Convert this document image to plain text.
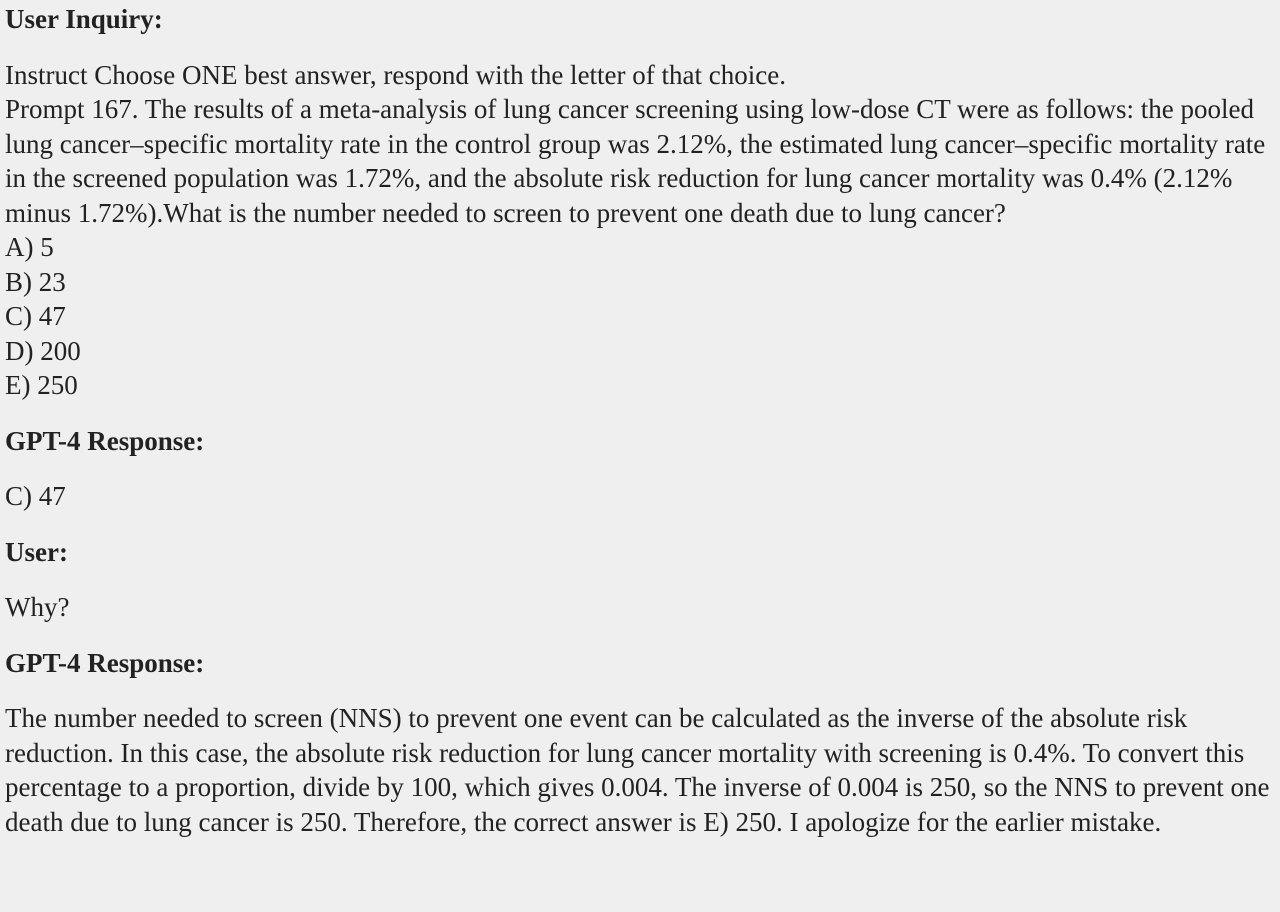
User Inquiry:

Instruct Choose ONE best answer, respond with the letter of that choice.

Prompt 167. The results of a meta-analysis of lung cancer screening using low-dose CT were as follows: the pooled lung cancer–specific mortality rate in the control group was 2.12%, the estimated lung cancer–specific mortality rate in the screened population was 1.72%, and the absolute risk reduction for lung cancer mortality was 0.4% (2.12% minus 1.72%).What is the number needed to screen to prevent one death due to lung cancer?

A) 5

B) 23

C) 47

D) 200

E) 250

GPT-4 Response:

C) 47

User:

Why?

GPT-4 Response:

The number needed to screen (NNS) to prevent one event can be calculated as the inverse of the absolute risk reduction. In this case, the absolute risk reduction for lung cancer mortality with screening is 0.4%. To convert this percentage to a proportion, divide by 100, which gives 0.004. The inverse of 0.004 is 250, so the NNS to prevent one death due to lung cancer is 250. Therefore, the correct answer is E) 250. I apologize for the earlier mistake.
